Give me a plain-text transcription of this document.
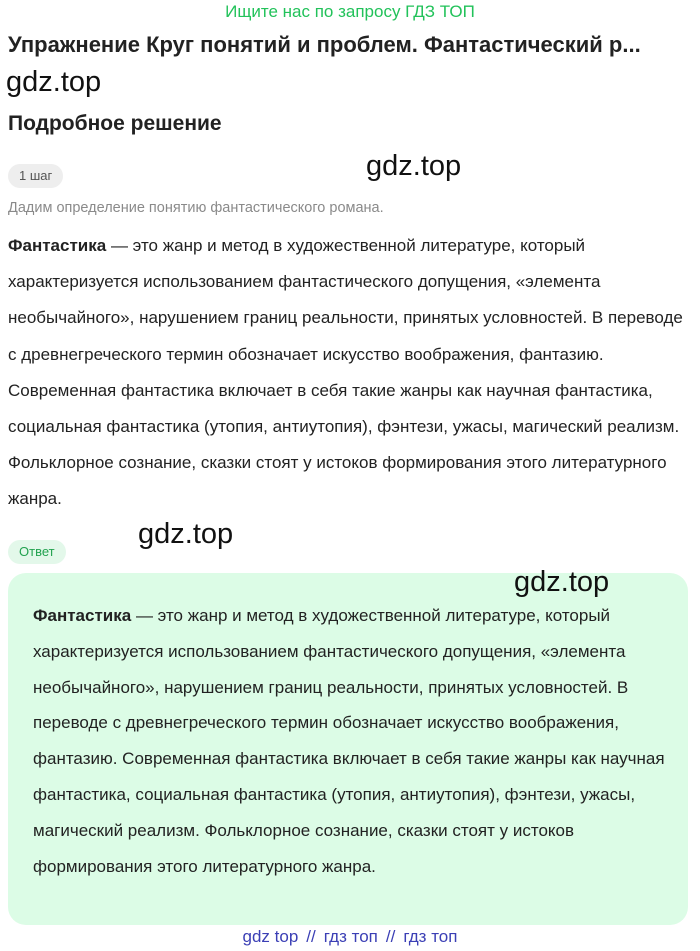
Ищите нас по запросу ГДЗ ТОП
Упражнение Круг понятий и проблем. Фантастический р...
gdz.top
Подробное решение
gdz.top
1 шаг

Дадим определение понятию фантастического романа.

Фантастика — это жанр и метод в художественной литературе, который характеризуется использованием фантастического допущения, «элемента необычайного», нарушением границ реальности, принятых условностей. В переводе с древнегреческого термин обозначает искусство воображения, фантазию. Современная фантастика включает в себя такие жанры как научная фантастика, социальная фантастика (утопия, антиутопия), фэнтези, ужасы, магический реализм. Фольклорное сознание, сказки стоят у истоков формирования этого литературного жанра.

gdz.top
Ответ
gdz.top

Фантастика — это жанр и метод в художественной литературе, который характеризуется использованием фантастического допущения, «элемента необычайного», нарушением границ реальности, принятых условностей. В переводе с древнегреческого термин обозначает искусство воображения, фантазию. Современная фантастика включает в себя такие жанры как научная фантастика, социальная фантастика (утопия, антиутопия), фэнтези, ужасы, магический реализм. Фольклорное сознание, сказки стоят у истоков формирования этого литературного жанра.

gdz top // гдз топ // гдз топ
